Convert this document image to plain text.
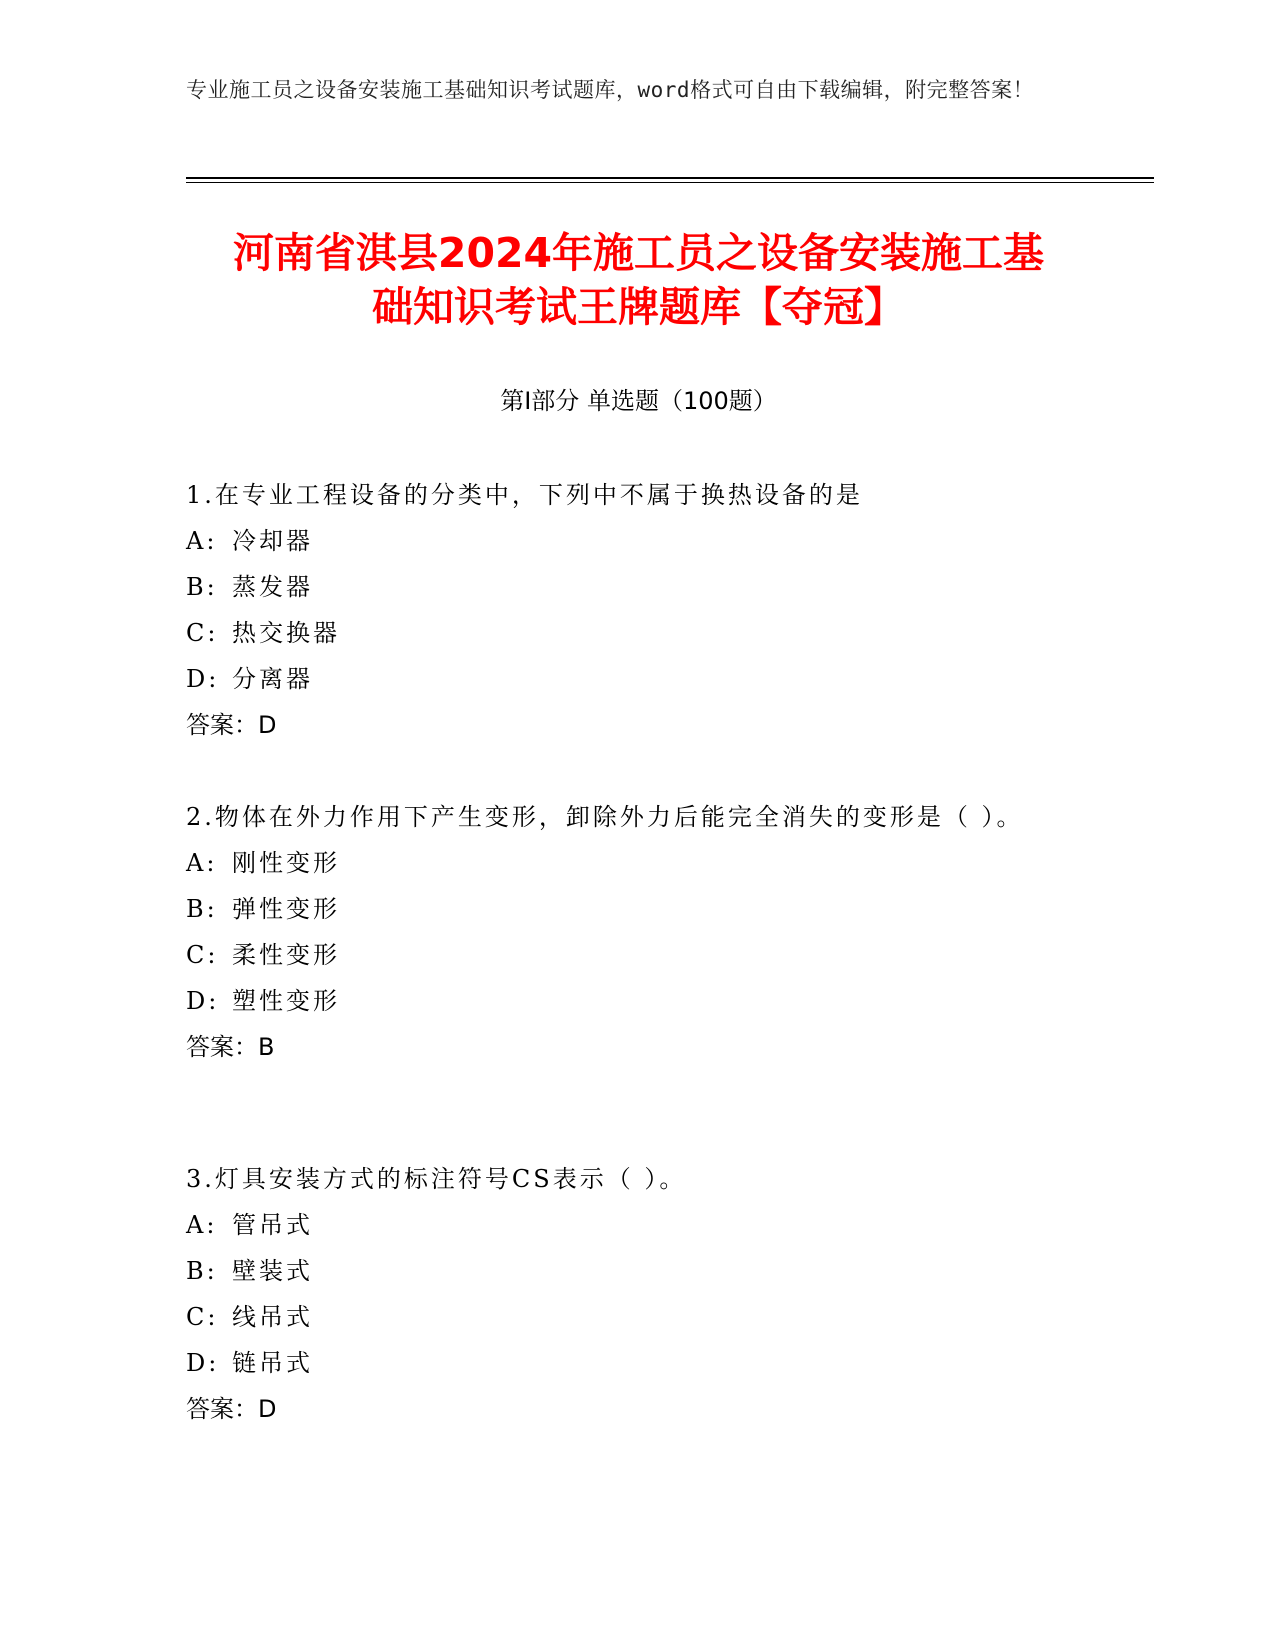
专业施工员之设备安装施工基础知识考试题库，word格式可自由下载编辑，附完整答案！
河南省淇县2024年施工员之设备安装施工基
础知识考试王牌题库【夺冠】
第Ⅰ部分 单选题（100题）

1.在专业工程设备的分类中，下列中不属于换热设备的是

A: 冷却器

B: 蒸发器

C: 热交换器

D: 分离器

答案：D

2.物体在外力作用下产生变形，卸除外力后能完全消失的变形是（ ）。

A: 刚性变形

B: 弹性变形

C: 柔性变形

D: 塑性变形

答案：B

3.灯具安装方式的标注符号CS表示（ ）。

A: 管吊式

B: 壁装式

C: 线吊式

D: 链吊式

答案：D
